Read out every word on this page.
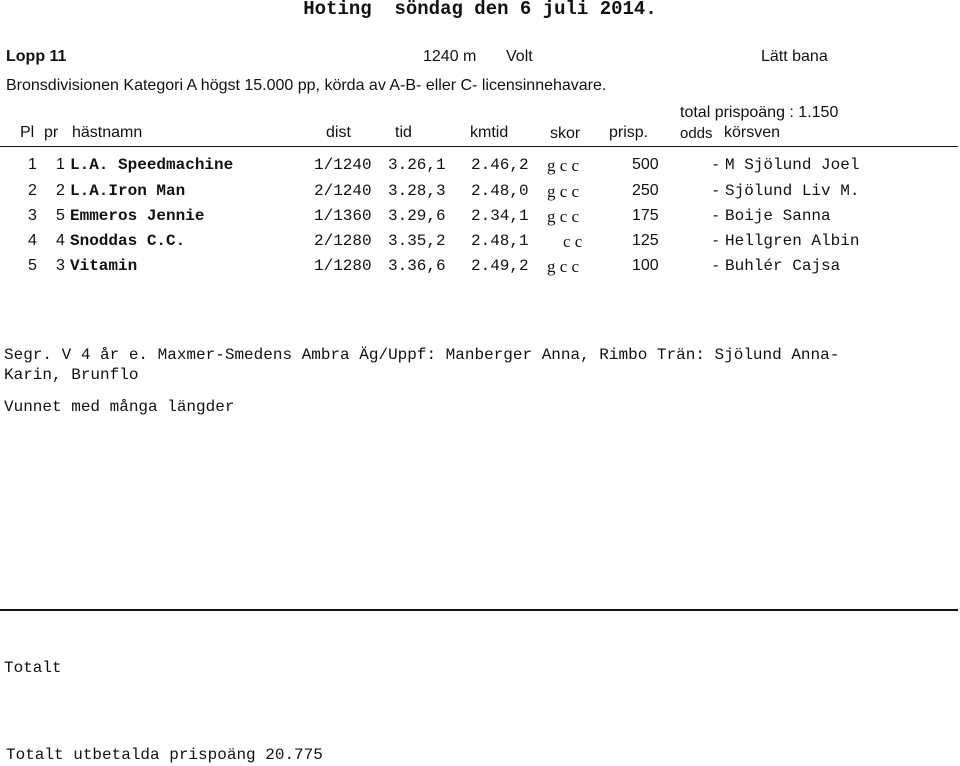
Hoting  söndag den 6 juli 2014.
Lopp 11	1240 m Volt	Lätt bana
Bronsdivisionen Kategori A högst 15.000 pp, körda av A-B- eller C- licensinnehavare.
total prispoäng : 1.150
Pl pr hästnamn	dist	tid	kmtid	skor prisp. odds körsven
1 1 L.A. Speedmachine	1/1240 3.26,1 2.46,2 g c c	500	- M Sjölund Joel
2 2 L.A.Iron Man	2/1240 3.28,3 2.48,0 g c c	250	- Sjölund Liv M.
3 5 Emmeros Jennie	1/1360 3.29,6 2.34,1 g c c	175	- Boije Sanna
4 4 Snoddas C.C.	2/1280 3.35,2 2.48,1 c c	125	- Hellgren Albin
5 3 Vitamin	1/1280 3.36,6 2.49,2 g c c	100	- Buhlér Cajsa
Segr. V 4 år e. Maxmer-Smedens Ambra Äg/Uppf: Manberger Anna, Rimbo Trän: Sjölund Anna-
Karin, Brunflo
Vunnet med många längder
Totalt
Totalt utbetalda prispoäng 20.775
